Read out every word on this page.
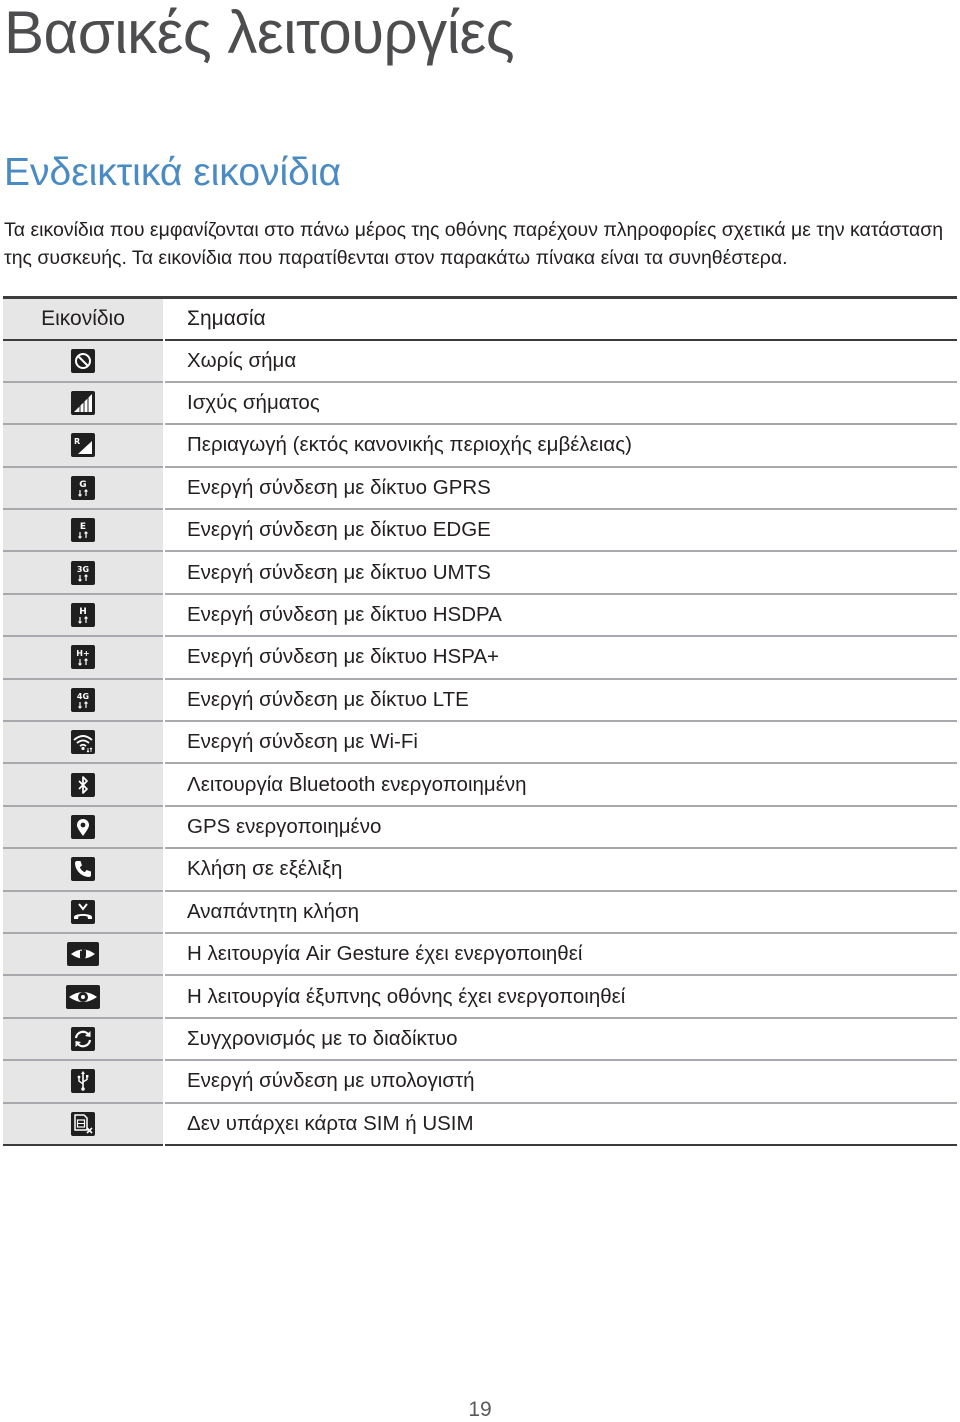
Βασικές λειτουργίες
Ενδεικτικά εικονίδια

Τα εικονίδια που εμφανίζονται στο πάνω μέρος της οθόνης παρέχουν πληροφορίες σχετικά με την κατάσταση της συσκευής. Τα εικονίδια που παρατίθενται στον παρακάτω πίνακα είναι τα συνηθέστερα.

Εικονίδιο	Σημασία

	Χωρίς σήμα

	Ισχύς σήματος

R	Περιαγωγή (εκτός κανονικής περιοχής εμβέλειας)

G	Ενεργή σύνδεση με δίκτυο GPRS

E	Ενεργή σύνδεση με δίκτυο EDGE

3G	Ενεργή σύνδεση με δίκτυο UMTS

H	Ενεργή σύνδεση με δίκτυο HSDPA

H+	Ενεργή σύνδεση με δίκτυο HSPA+

4G	Ενεργή σύνδεση με δίκτυο LTE

	Ενεργή σύνδεση με Wi-Fi

	Λειτουργία Bluetooth ενεργοποιημένη

	GPS ενεργοποιημένο

	Κλήση σε εξέλιξη

	Αναπάντητη κλήση

	Η λειτουργία Air Gesture έχει ενεργοποιηθεί

	Η λειτουργία έξυπνης οθόνης έχει ενεργοποιηθεί

	Συγχρονισμός με το διαδίκτυο

	Ενεργή σύνδεση με υπολογιστή

	Δεν υπάρχει κάρτα SIM ή USIM

19
